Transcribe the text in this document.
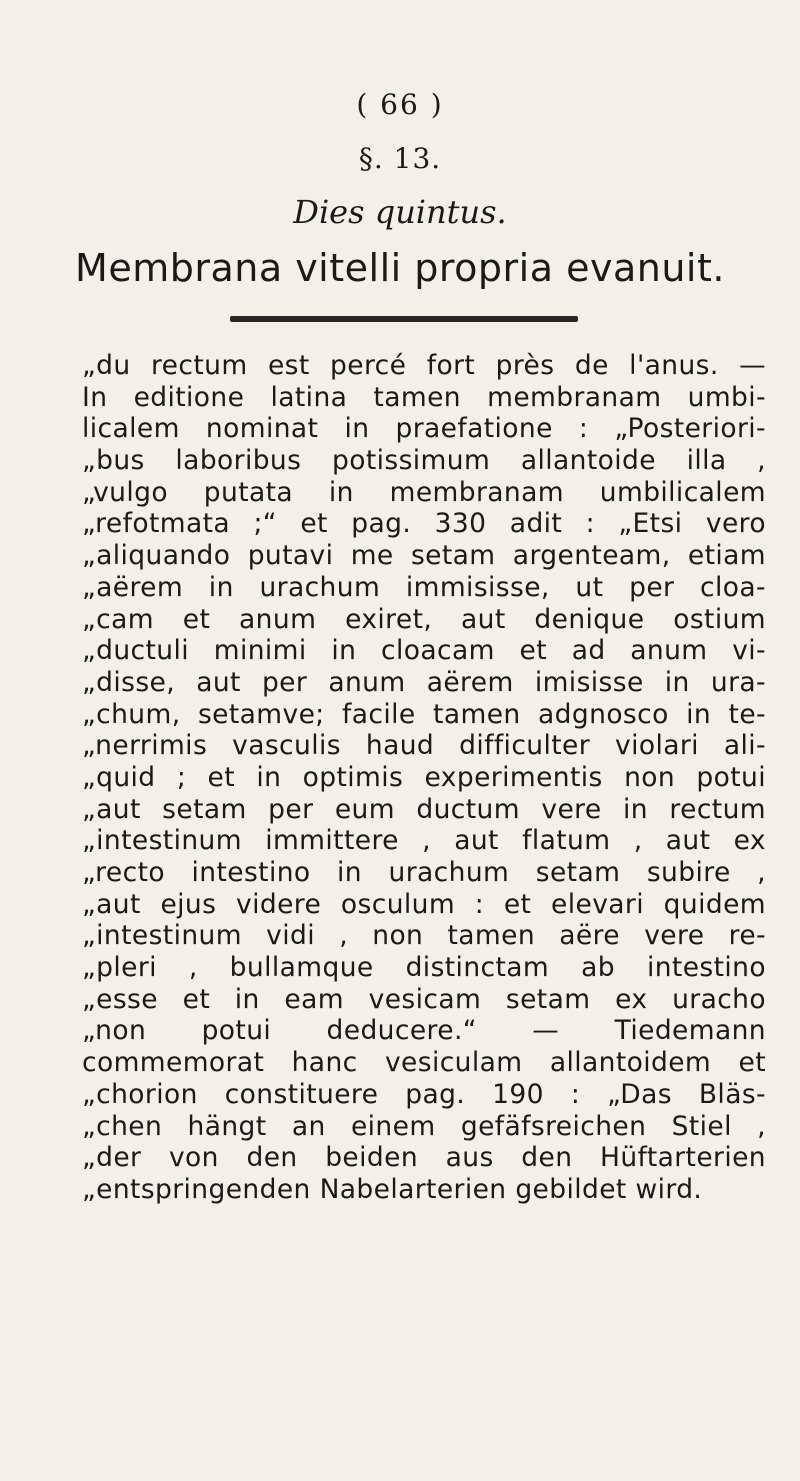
( 66 )
§. 13.
Dies quintus.
Membrana vitelli propria evanuit.
„du rectum est percé fort près de l'anus. —
In editione latina tamen membranam umbi-
licalem nominat in praefatione : „Posteriori-
„bus laboribus potissimum allantoide illa ,
„vulgo putata in membranam umbilicalem
„refotmata ;“ et pag. 330 adit : „Etsi vero
„aliquando putavi me setam argenteam, etiam
„aërem in urachum immisisse, ut per cloa-
„cam et anum exiret, aut denique ostium
„ductuli minimi in cloacam et ad anum vi-
„disse, aut per anum aërem imisisse in ura-
„chum, setamve; facile tamen adgnosco in te-
„nerrimis vasculis haud difficulter violari ali-
„quid ; et in optimis experimentis non potui
„aut setam per eum ductum vere in rectum
„intestinum immittere , aut flatum , aut ex
„recto intestino in urachum setam subire ,
„aut ejus videre osculum : et elevari quidem
„intestinum vidi , non tamen aëre vere re-
„pleri , bullamque distinctam ab intestino
„esse et in eam vesicam setam ex uracho
„non potui deducere.“ — Tiedemann
commemorat hanc vesiculam allantoidem et
„chorion constituere pag. 190 : „Das Bläs-
„chen hängt an einem gefäfsreichen Stiel ,
„der von den beiden aus den Hüftarterien
„entspringenden Nabelarterien gebildet wird.
